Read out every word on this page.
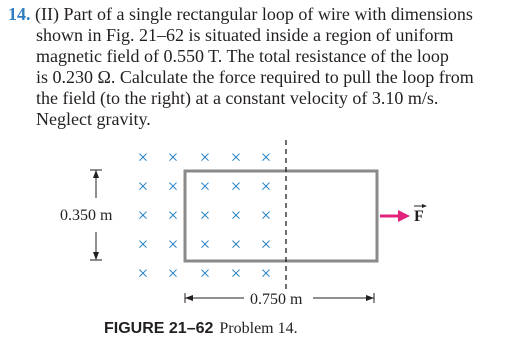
14. (II) Part of a single rectangular loop of wire with dimensions
shown in Fig. 21–62 is situated inside a region of uniform
magnetic field of 0.550 T. The total resistance of the loop
is 0.230 Ω. Calculate the force required to pull the loop from
the field (to the right) at a constant velocity of 3.10 m/s.
Neglect gravity.
× × × × ×
× × × × ×
× × × × ×
× × × × ×
× × × × ×
0.350 m
0.750 m
F
FIGURE 21–62 Problem 14.
